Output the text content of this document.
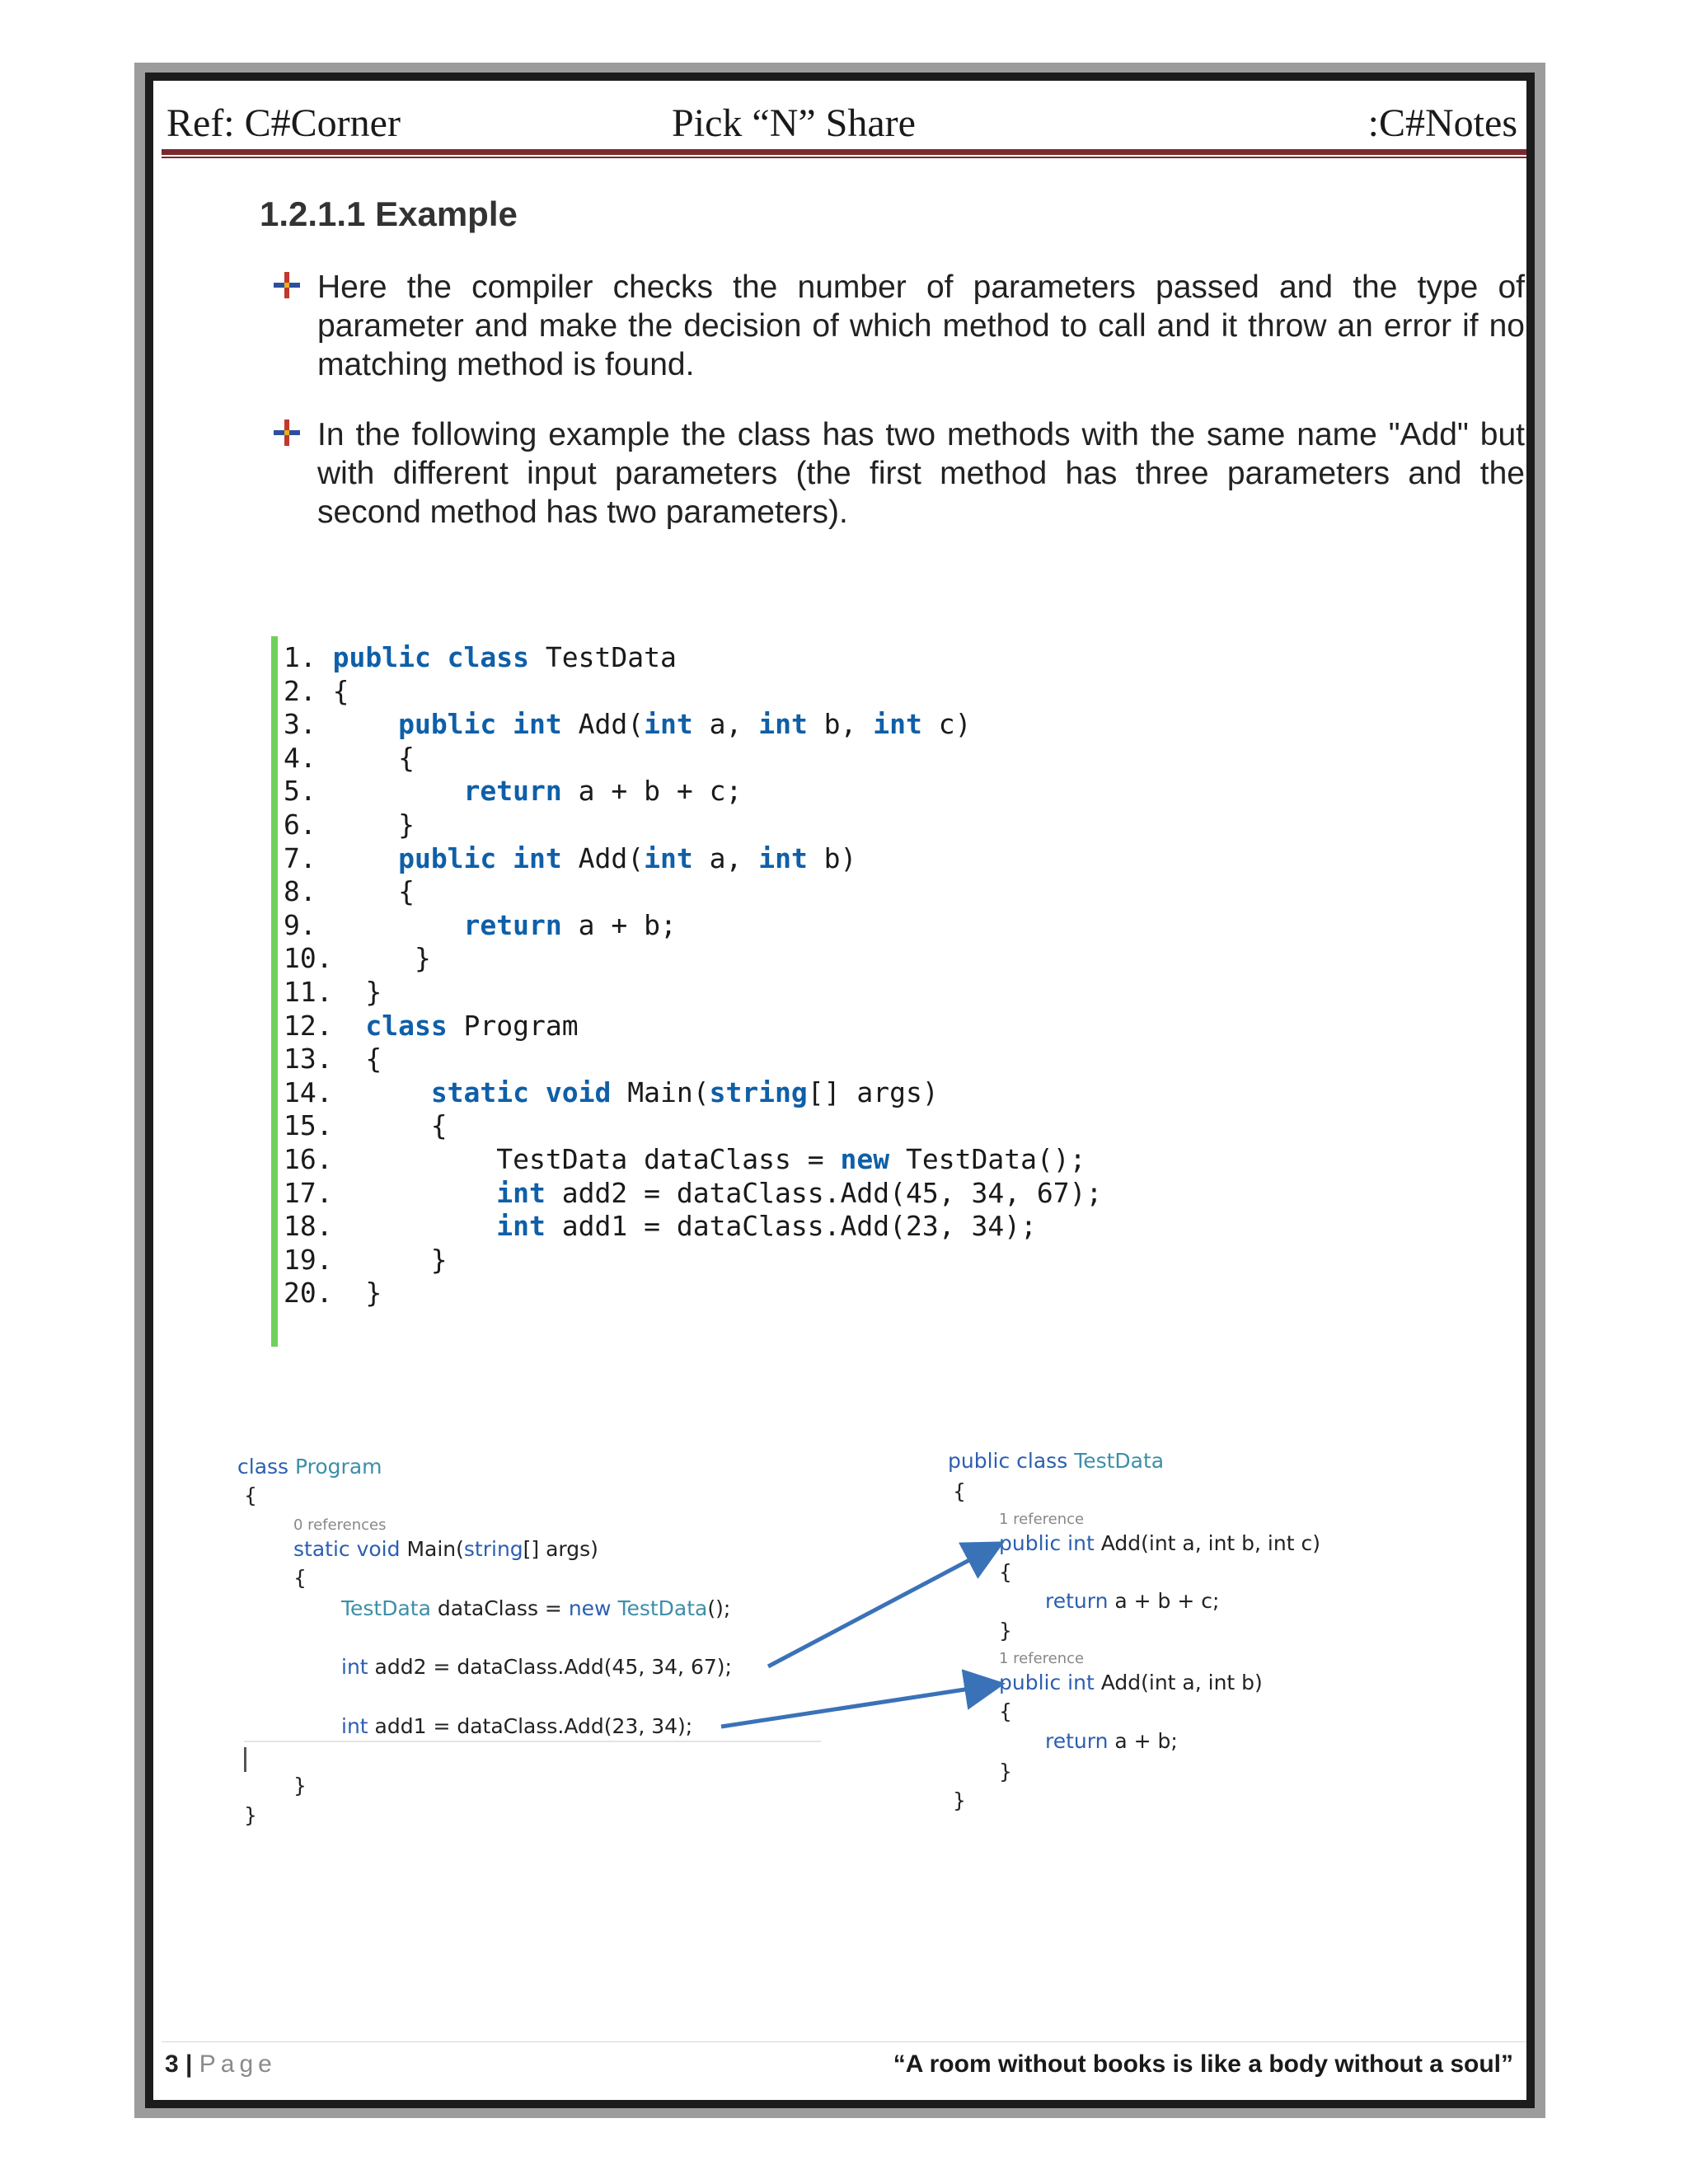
Ref: C#Corner	Pick “N” Share	:C#Notes
1.2.1.1 Example
Here the compiler checks the number of parameters passed and the type of parameter and make the decision of which method to call and it throw an error if no matching method is found.
In the following example the class has two methods with the same name "Add" but with different input parameters (the first method has three parameters and the second method has two parameters).
1. public class TestData
2. {
3.     public int Add(int a, int b, int c)
4.     {
5.         return a + b + c;
6.     }
7.     public int Add(int a, int b)
8.     {
9.         return a + b;
10.     }
11.  }
12.  class Program
13.  {
14.      static void Main(string[] args)
15.      {
16.          TestData dataClass = new TestData();
17.          int add2 = dataClass.Add(45, 34, 67);
18.          int add1 = dataClass.Add(23, 34);
19.      }
20.  }
class Program
{
0 references
static void Main(string[] args)
{
TestData dataClass = new TestData();
int add2 = dataClass.Add(45, 34, 67);
int add1 = dataClass.Add(23, 34);
}
}
public class TestData
{
1 reference
public int Add(int a, int b, int c)
{
return a + b + c;
}
1 reference
public int Add(int a, int b)
{
return a + b;
}
}
3 | Page	“A room without books is like a body without a soul”
